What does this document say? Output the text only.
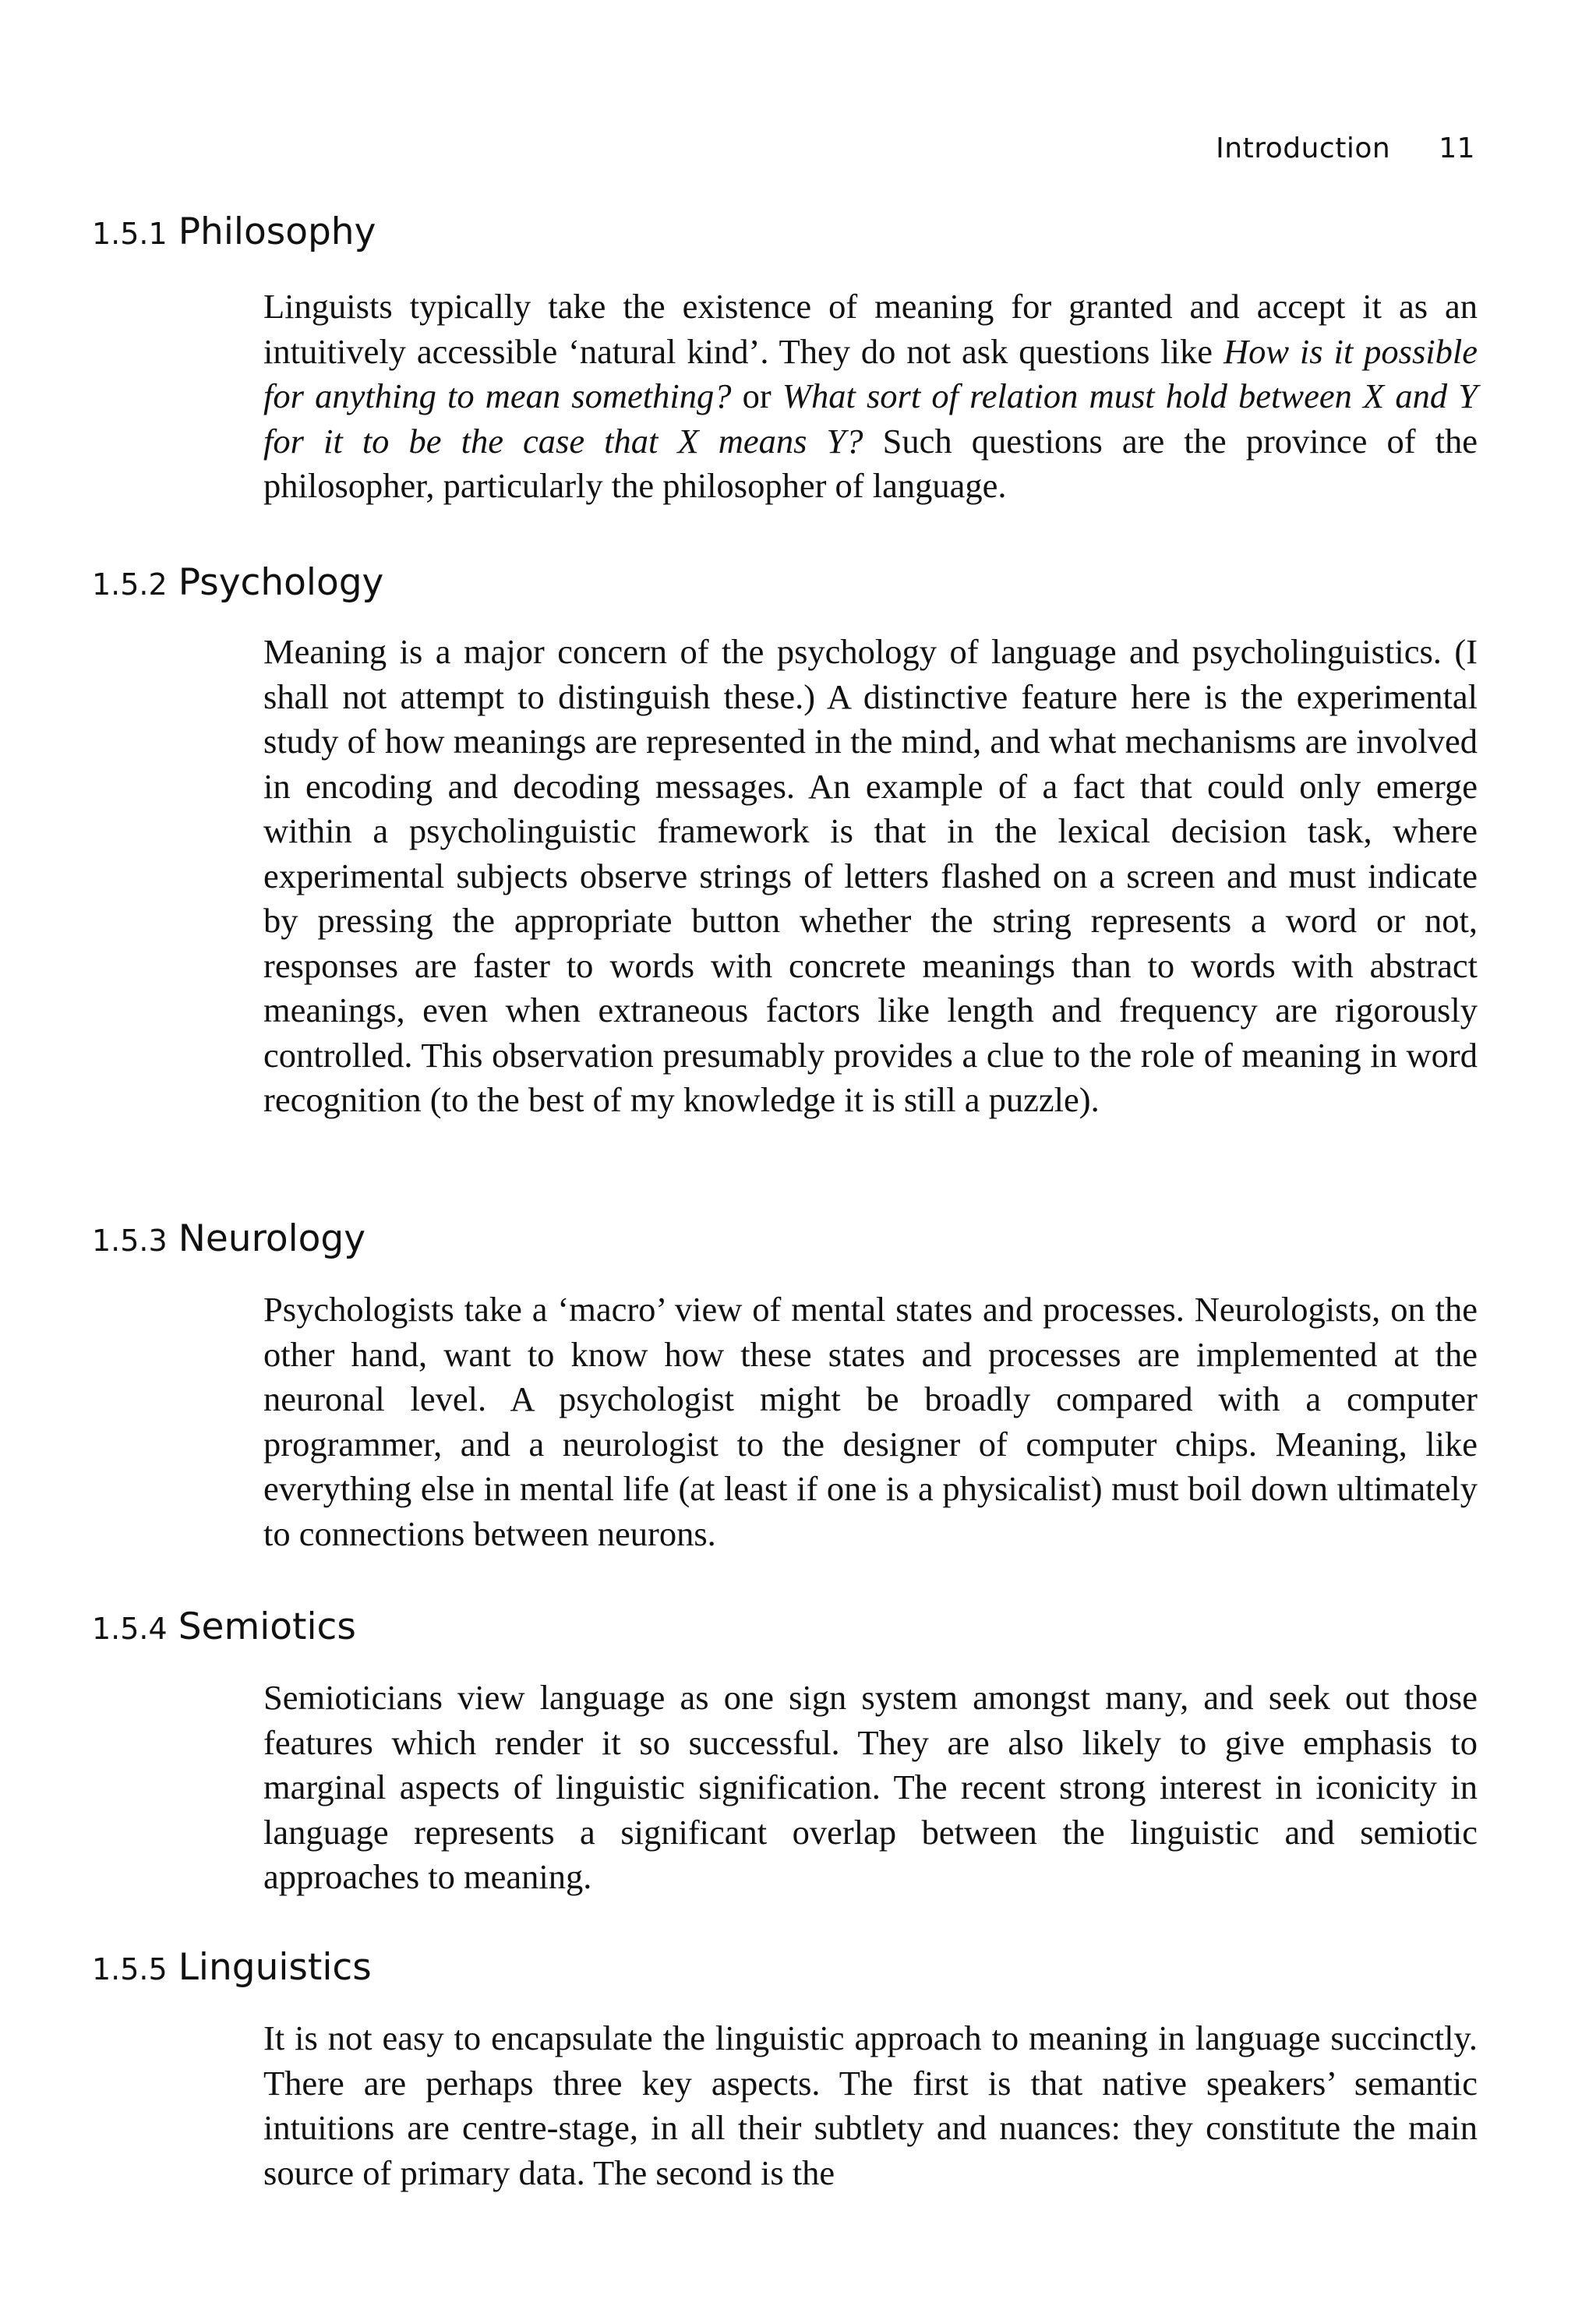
Introduction 11
1.5.1 Philosophy

Linguists typically take the existence of meaning for granted and accept it as an intuitively accessible ‘natural kind’. They do not ask questions like How is it possible for anything to mean something? or What sort of relation must hold between X and Y for it to be the case that X means Y? Such questions are the province of the philosopher, particularly the philosopher of language.

1.5.2 Psychology

Meaning is a major concern of the psychology of language and psycholinguistics. (I shall not attempt to distinguish these.) A distinctive feature here is the experimental study of how meanings are represented in the mind, and what mechanisms are involved in encoding and decoding messages. An example of a fact that could only emerge within a psycholinguistic framework is that in the lexical decision task, where experimental subjects observe strings of letters flashed on a screen and must indicate by pressing the appropriate button whether the string represents a word or not, responses are faster to words with concrete meanings than to words with abstract meanings, even when extraneous factors like length and frequency are rigorously controlled. This observation presumably provides a clue to the role of meaning in word recognition (to the best of my knowledge it is still a puzzle).

1.5.3 Neurology

Psychologists take a ‘macro’ view of mental states and processes. Neurologists, on the other hand, want to know how these states and processes are implemented at the neuronal level. A psychologist might be broadly compared with a computer programmer, and a neurologist to the designer of computer chips. Meaning, like everything else in mental life (at least if one is a physicalist) must boil down ultimately to connections between neurons.

1.5.4 Semiotics

Semioticians view language as one sign system amongst many, and seek out those features which render it so successful. They are also likely to give emphasis to marginal aspects of linguistic signification. The recent strong interest in iconicity in language represents a significant overlap between the linguistic and semiotic approaches to meaning.

1.5.5 Linguistics

It is not easy to encapsulate the linguistic approach to meaning in language succinctly. There are perhaps three key aspects. The first is that native speakers’ semantic intuitions are centre-stage, in all their subtlety and nuances: they constitute the main source of primary data. The second is the
